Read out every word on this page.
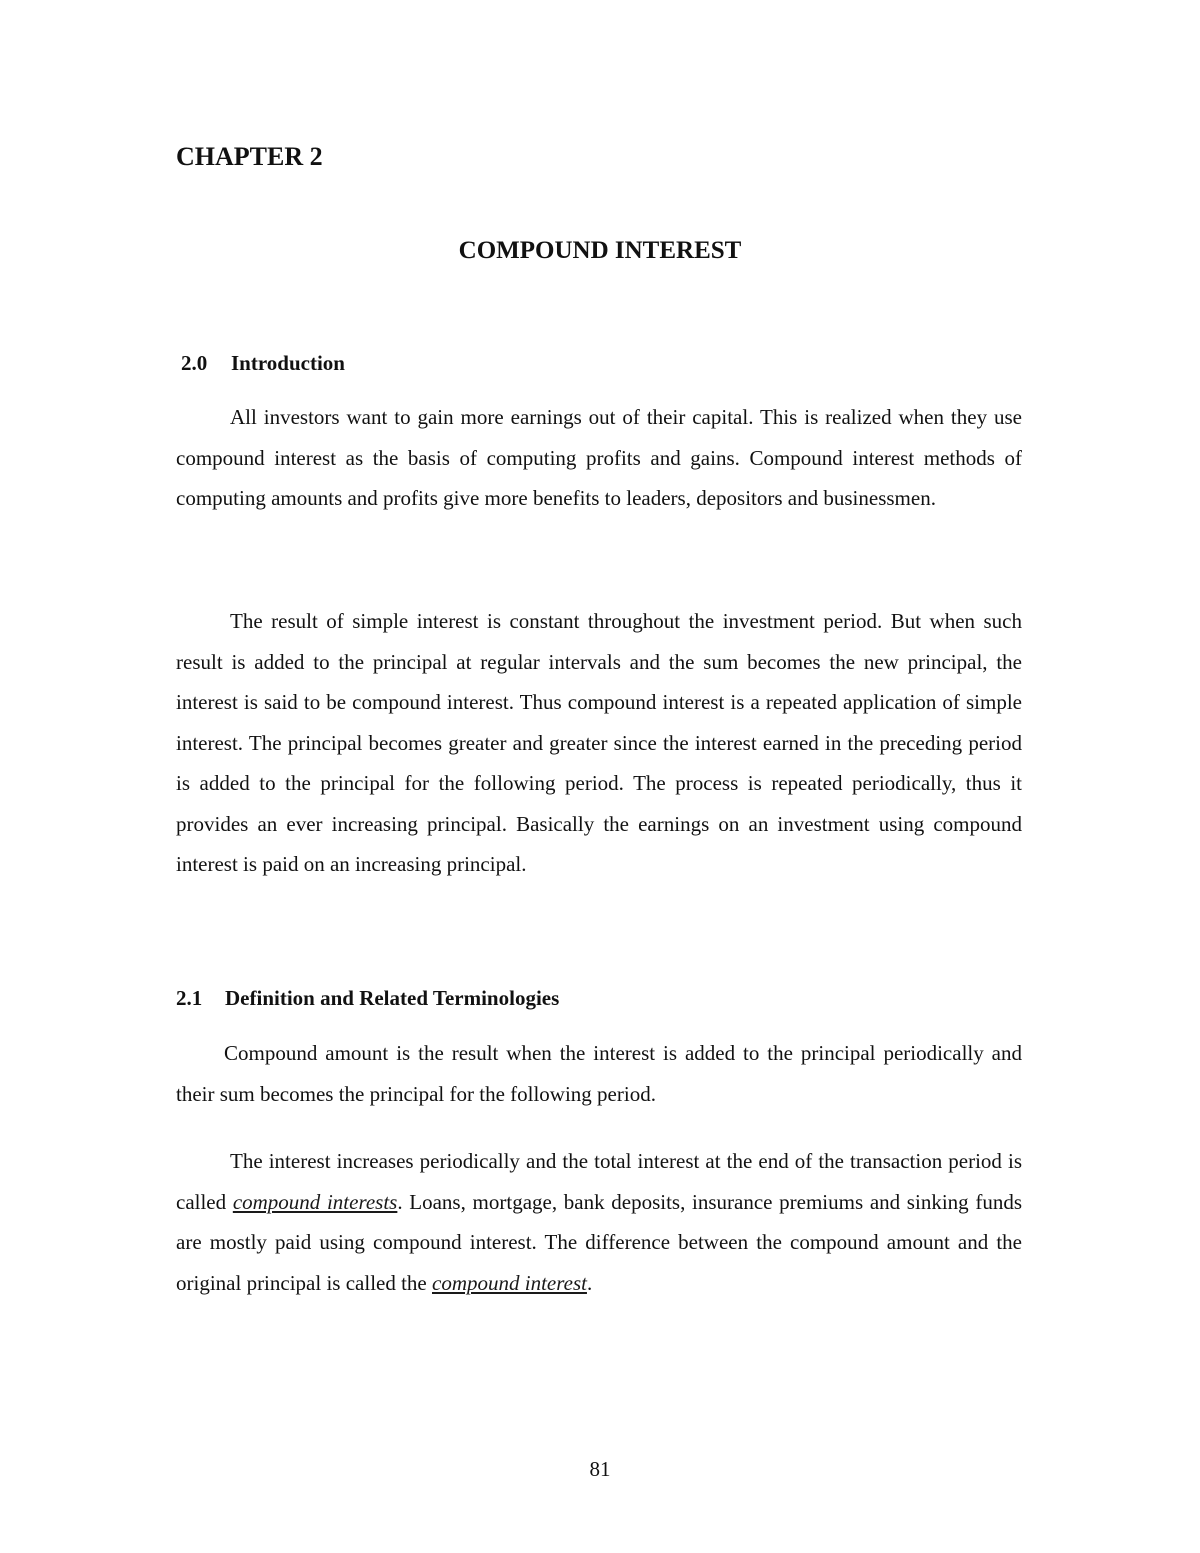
CHAPTER 2
COMPOUND INTEREST
2.0 Introduction

All investors want to gain more earnings out of their capital. This is realized when they use compound interest as the basis of computing profits and gains. Compound interest methods of computing amounts and profits give more benefits to leaders, depositors and businessmen.

The result of simple interest is constant throughout the investment period. But when such result is added to the principal at regular intervals and the sum becomes the new principal, the interest is said to be compound interest. Thus compound interest is a repeated application of simple interest. The principal becomes greater and greater since the interest earned in the preceding period is added to the principal for the following period. The process is repeated periodically, thus it provides an ever increasing principal. Basically the earnings on an investment using compound interest is paid on an increasing principal.

2.1 Definition and Related Terminologies

Compound amount is the result when the interest is added to the principal periodically and their sum becomes the principal for the following period.

The interest increases periodically and the total interest at the end of the transaction period is called compound interests. Loans, mortgage, bank deposits, insurance premiums and sinking funds are mostly paid using compound interest. The difference between the compound amount and the original principal is called the compound interest.

81
